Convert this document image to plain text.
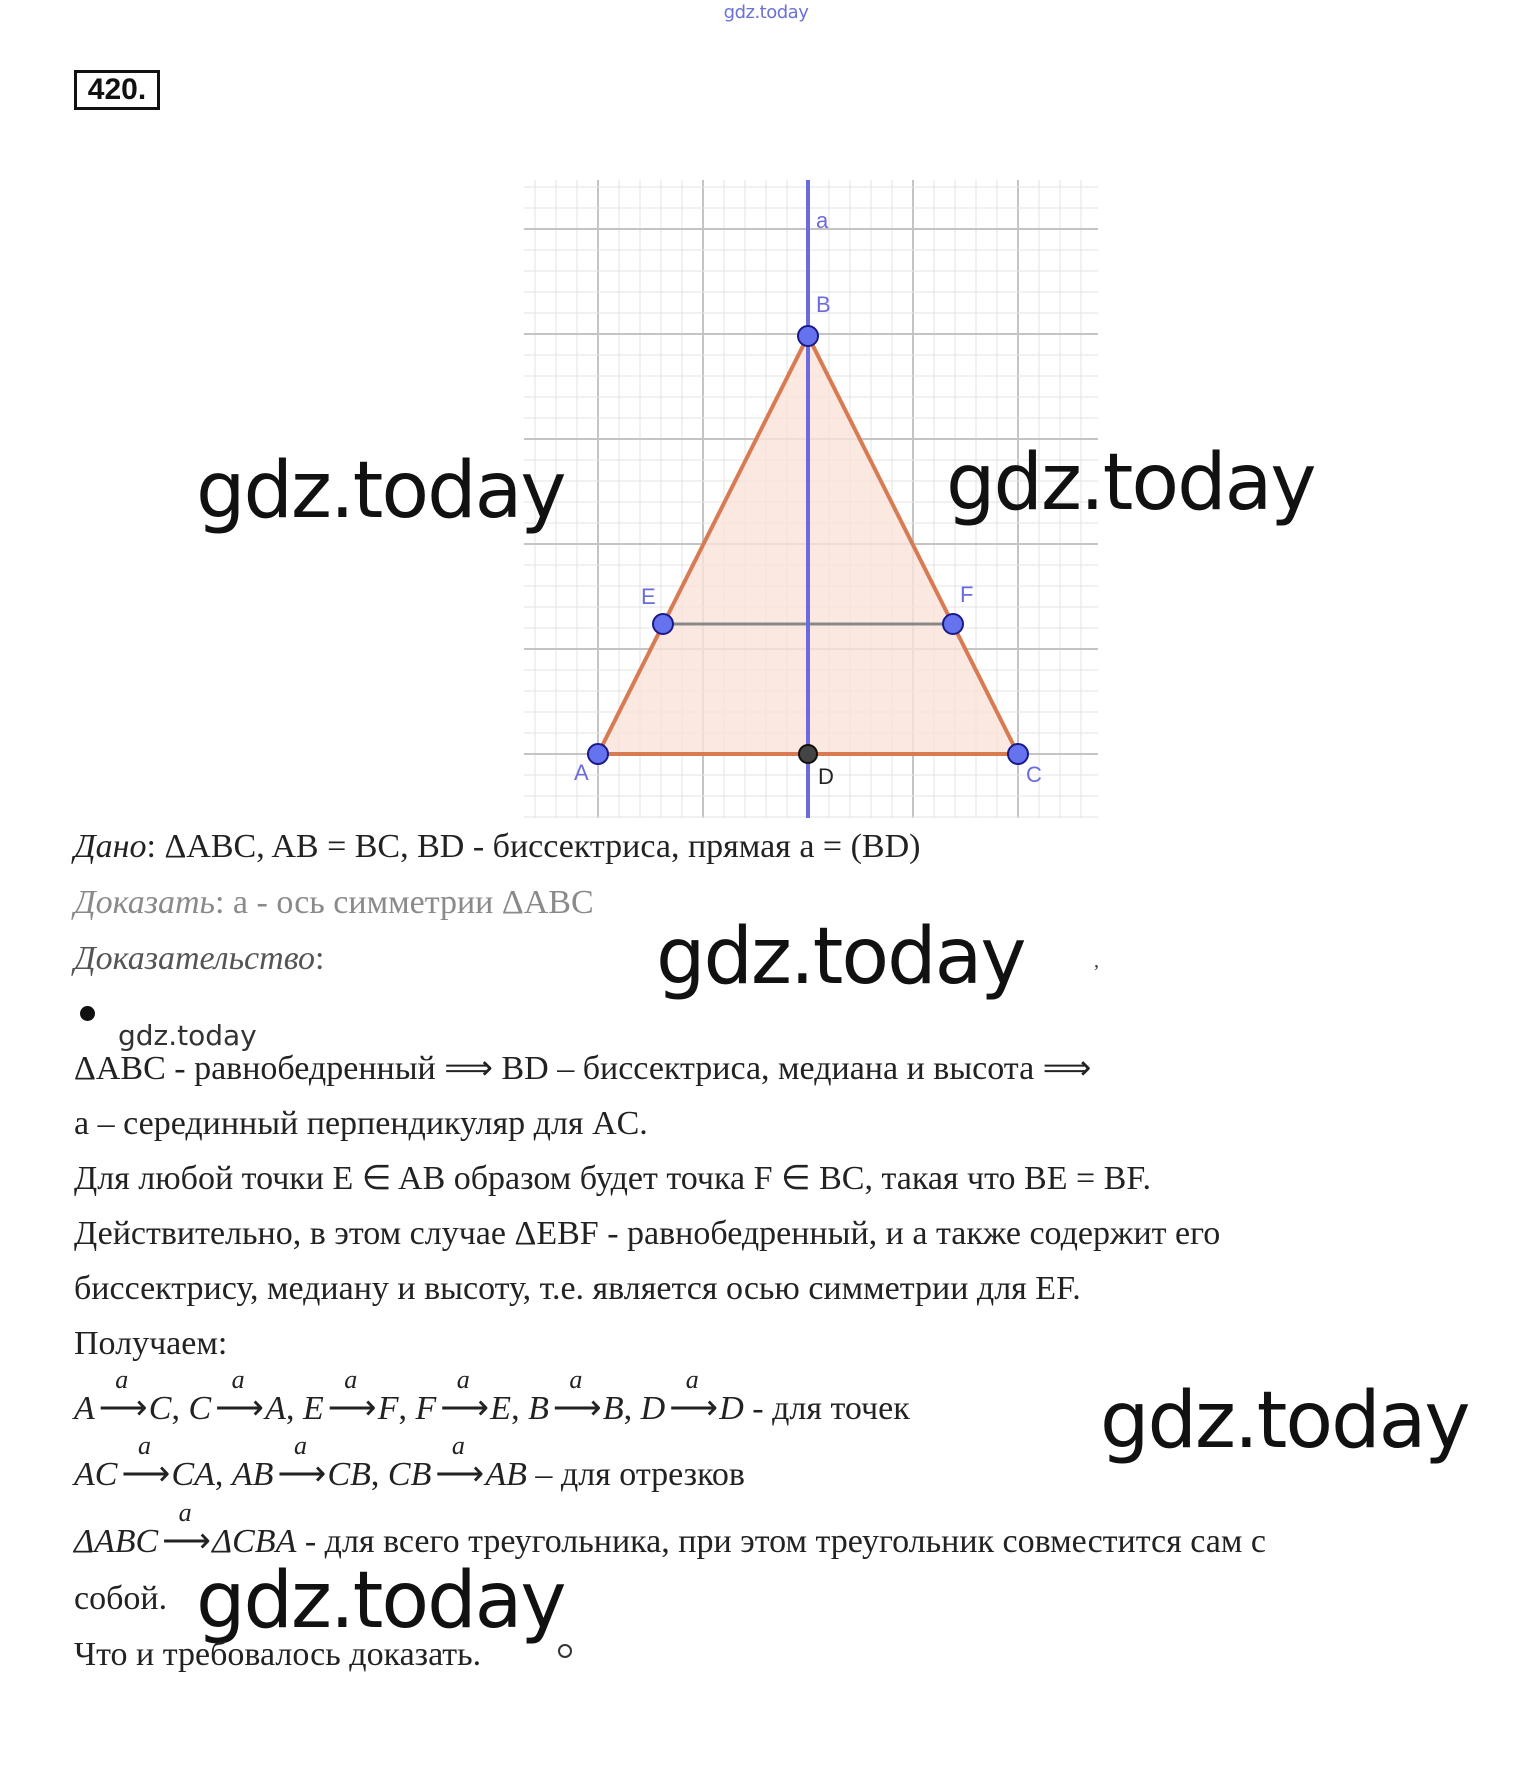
gdz.today
420.
a
B
E	F
A	C
D
gdz.today	gdz.today
gdz.today
gdz.today
gdz.today
gdz.today
Дано: ΔABC, AB = BC, BD - биссектриса, прямая a = (BD)
Доказать: a - ось симметрии ΔABC
Доказательство:	,
ΔABC - равнобедренный ⟹ BD – биссектриса, медиана и высота ⟹
a – серединный перпендикуляр для AC.
Для любой точки E ∈ AB образом будет точка F ∈ BC, такая что BE = BF.
Действительно, в этом случае ΔEBF - равнобедренный, и a также содержит его
биссектрису, медиану и высоту, т.е. является осью симметрии для EF.
Получаем:
A
a
⟶C, C
a
⟶A, E
a
⟶F, F
a
⟶E, B
a
⟶B, D
a
⟶D - для точек
AC
a
⟶CA, AB
a
⟶CB, CB
a
⟶AB – для отрезков
ΔABC
a
⟶ΔCBA - для всего треугольника, при этом треугольник совместится сам с
собой.
Что и требовалось доказать.
